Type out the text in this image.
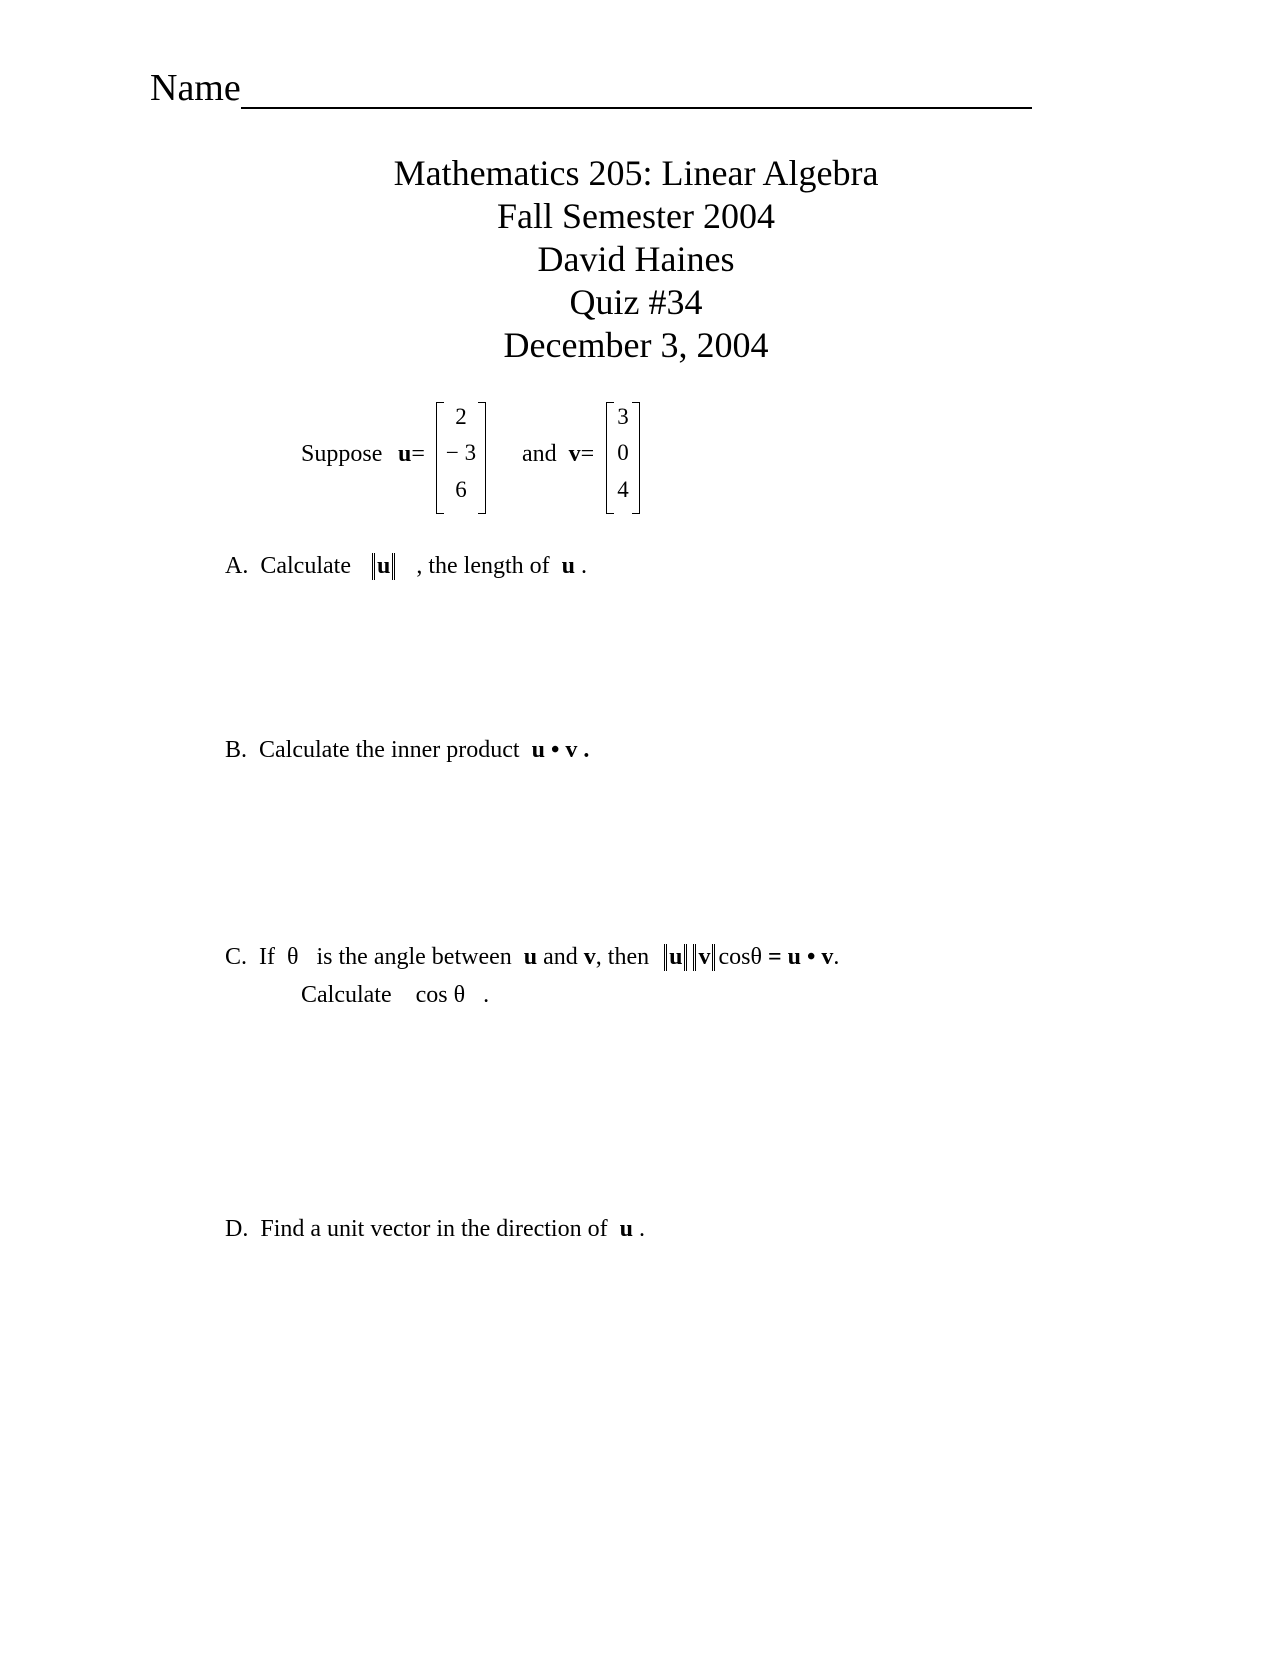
Name
Mathematics 205: Linear Algebra
Fall Semester 2004
David Haines
Quiz #34
December 3, 2004
Suppose u=
2
− 3
6
and v=
3
0
4
A. Calculate u , the length of u .
B. Calculate the inner product u • v .
C. If θ is the angle between u and v, then u v cosθ = u • v.
Calculate cos θ .
D. Find a unit vector in the direction of u .
